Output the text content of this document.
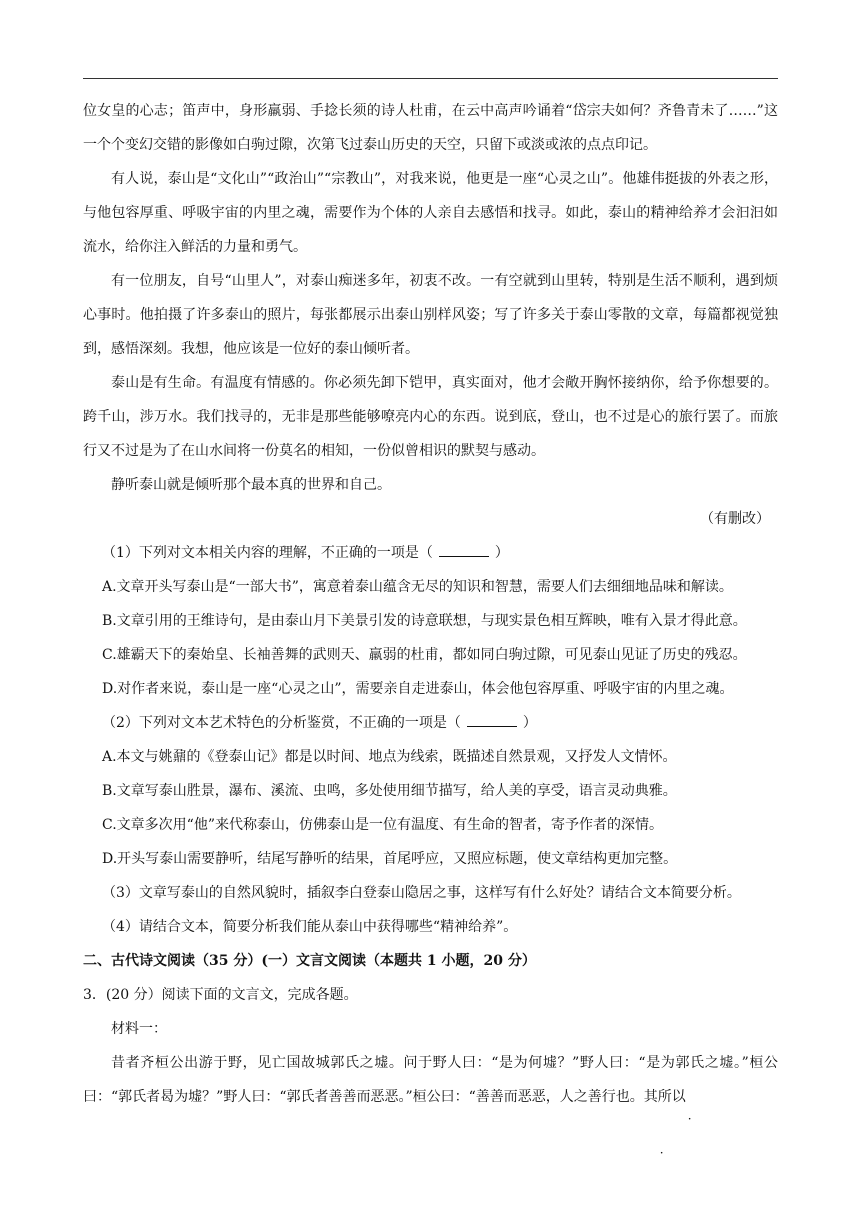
位女皇的心志；笛声中，身形羸弱、手捻长须的诗人杜甫，在云中高声吟诵着“岱宗夫如何？齐鲁青未了……”这一个个变幻交错的影像如白驹过隙，次第飞过泰山历史的天空，只留下或淡或浓的点点印记。

有人说，泰山是“文化山”“政治山”“宗教山”，对我来说，他更是一座“心灵之山”。他雄伟挺拔的外表之形，与他包容厚重、呼吸宇宙的内里之魂，需要作为个体的人亲自去感悟和找寻。如此，泰山的精神给养才会汩汩如流水，给你注入鲜活的力量和勇气。

有一位朋友，自号“山里人”，对泰山痴迷多年，初衷不改。一有空就到山里转，特别是生活不顺利，遇到烦心事时。他拍摄了许多泰山的照片，每张都展示出泰山别样风姿；写了许多关于泰山零散的文章，每篇都视觉独到，感悟深刻。我想，他应该是一位好的泰山倾听者。

泰山是有生命。有温度有情感的。你必须先卸下铠甲，真实面对，他才会敞开胸怀接纳你，给予你想要的。跨千山，涉万水。我们找寻的，无非是那些能够嘹亮内心的东西。说到底，登山，也不过是心的旅行罢了。而旅行又不过是为了在山水间将一份莫名的相知，一份似曾相识的默契与感动。

静听泰山就是倾听那个最本真的世界和自己。

（有删改）

（1）下列对文本相关内容的理解，不正确的一项是（	）

A.文章开头写泰山是“一部大书”，寓意着泰山蕴含无尽的知识和智慧，需要人们去细细地品味和解读。

B.文章引用的王维诗句，是由泰山月下美景引发的诗意联想，与现实景色相互辉映，唯有入景才得此意。

C.雄霸天下的秦始皇、长袖善舞的武则天、羸弱的杜甫，都如同白驹过隙，可见泰山见证了历史的残忍。

D.对作者来说，泰山是一座“心灵之山”，需要亲自走进泰山，体会他包容厚重、呼吸宇宙的内里之魂。

（2）下列对文本艺术特色的分析鉴赏，不正确的一项是（	）

A.本文与姚鼐的《登泰山记》都是以时间、地点为线索，既描述自然景观，又抒发人文情怀。

B.文章写泰山胜景，瀑布、溪流、虫鸣，多处使用细节描写，给人美的享受，语言灵动典雅。

C.文章多次用“他”来代称泰山，仿佛泰山是一位有温度、有生命的智者，寄予作者的深情。

D.开头写泰山需要静听，结尾写静听的结果，首尾呼应，又照应标题，使文章结构更加完整。

（3）文章写泰山的自然风貌时，插叙李白登泰山隐居之事，这样写有什么好处？请结合文本简要分析。

（4）请结合文本，简要分析我们能从泰山中获得哪些“精神给养”。

二、古代诗文阅读（35 分）(一）文言文阅读（本题共 1 小题，20 分）

3．(20 分）阅读下面的文言文，完成各题。

材料一：

昔者齐桓公出游于野，见亡国故城郭氏之墟。问于野人曰：“是为何墟？”野人曰：“是为郭氏之墟。”桓公曰：“郭氏者曷为墟？”野人曰：“郭氏者善善而恶恶。”桓公曰：“善善而恶恶，人之善行也。其所以 · ·
